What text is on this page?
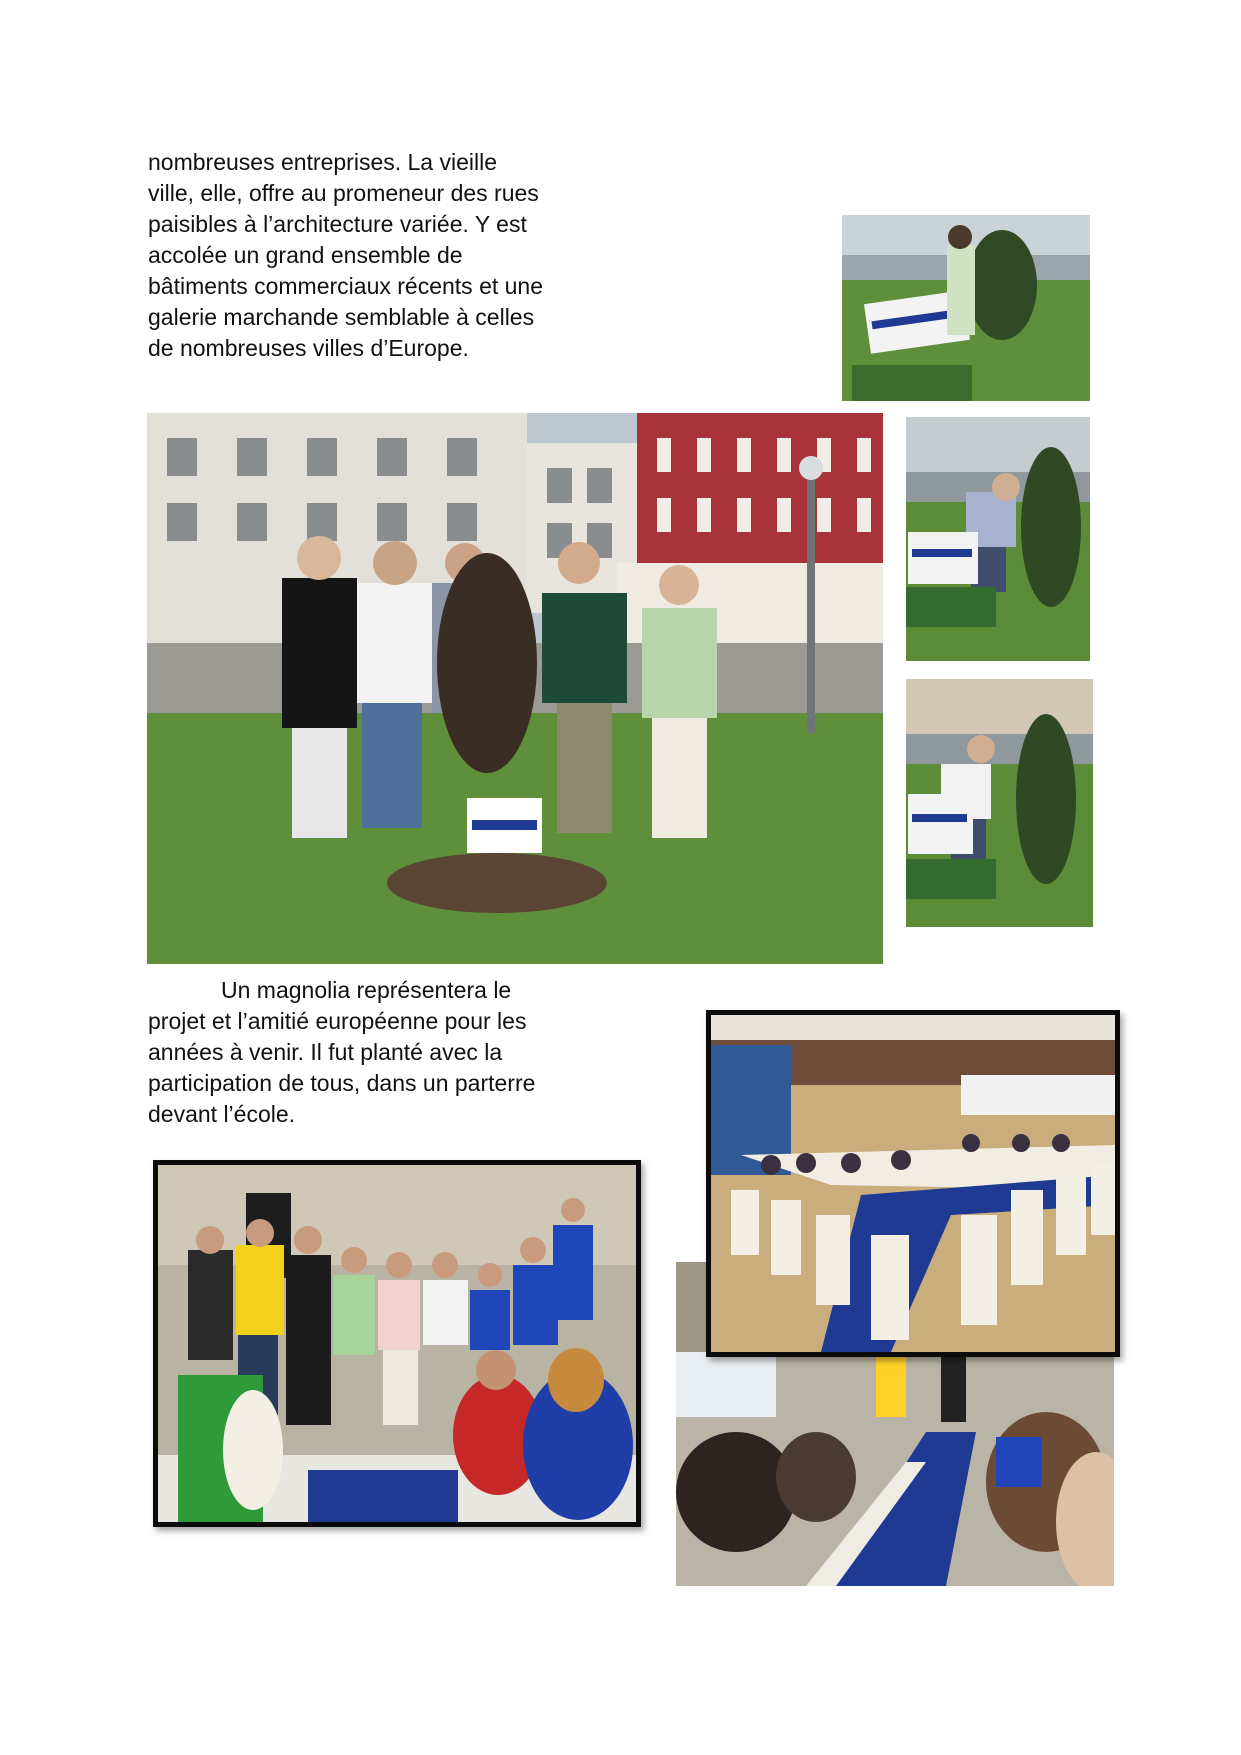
nombreuses entreprises. La vieille
ville, elle, offre au promeneur des rues
paisibles à l’architecture variée. Y est
accolée un grand ensemble de
bâtiments commerciaux récents et une
galerie marchande semblable à celles
de nombreuses villes d’Europe.
Un magnolia représentera le
projet et l’amitié européenne pour les
années à venir. Il fut planté avec la
participation de tous, dans un parterre
devant l’école.
